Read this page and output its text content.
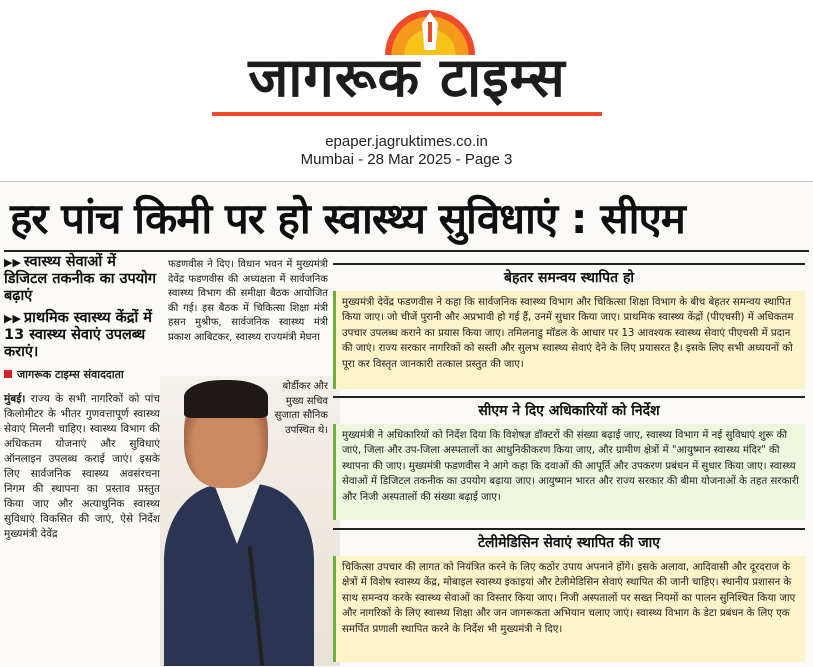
जागरूक टाइम्स
epaper.jagruktimes.co.in
Mumbai - 28 Mar 2025 - Page 3
हर पांच किमी पर हो स्वास्थ्य सुविधाएं : सीएम
▶▶ स्वास्थ्य सेवाओं में डिजिटल तकनीक का उपयोग बढ़ाएं
▶▶ प्राथमिक स्वास्थ्य केंद्रों में 13 स्वास्थ्य सेवाएं उपलब्ध कराएं।
जागरूक टाइम्स संवाददाता
मुंबई। राज्य के सभी नागरिकों को पांच किलोमीटर के भीतर गुणवत्तापूर्ण स्वास्थ्य सेवाएं मिलनी चाहिए। स्वास्थ्य विभाग की अधिकतम योजनाएं और सुविधाएं ऑनलाइन उपलब्ध कराई जाएं। इसके लिए सार्वजनिक स्वास्थ्य अवसंरचना निगम की स्थापना का प्रस्ताव प्रस्तुत किया जाए और अत्याधुनिक स्वास्थ्य सुविधाएं विकसित की जाएं, ऐसे निर्देश मुख्यमंत्री देवेंद्र
फडणवीस ने दिए। विधान भवन में मुख्यमंत्री देवेंद्र फडणवीस की अध्यक्षता में सार्वजनिक स्वास्थ्य विभाग की समीक्षा बैठक आयोजित की गई। इस बैठक में चिकित्सा शिक्षा मंत्री हसन मुश्रीफ, सार्वजनिक स्वास्थ्य मंत्री प्रकाश आबिटकर, स्वास्थ्य राज्यमंत्री मेघना
बोर्डीकर और मुख्य सचिव सुजाता सौनिक उपस्थित थे।
बेहतर समन्वय स्थापित हो
मुख्यमंत्री देवेंद्र फडणवीस ने कहा कि सार्वजनिक स्वास्थ्य विभाग और चिकित्सा शिक्षा विभाग के बीच बेहतर समन्वय स्थापित किया जाए। जो चीजें पुरानी और अप्रभावी हो गई हैं, उनमें सुधार किया जाए। प्राथमिक स्वास्थ्य केंद्रों (पीएचसी) में अधिकतम उपचार उपलब्ध कराने का प्रयास किया जाए। तमिलनाडु मॉडल के आधार पर 13 आवश्यक स्वास्थ्य सेवाएं पीएचसी में प्रदान की जाएं। राज्य सरकार नागरिकों को सस्ती और सुलभ स्वास्थ्य सेवाएं देने के लिए प्रयासरत है। इसके लिए सभी अध्ययनों को पूरा कर विस्तृत जानकारी तत्काल प्रस्तुत की जाए।
सीएम ने दिए अधिकारियों को निर्देश
मुख्यमंत्री ने अधिकारियों को निर्देश दिया कि विशेषज्ञ डॉक्टरों की संख्या बढ़ाई जाए, स्वास्थ्य विभाग में नई सुविधाएं शुरू की जाएं, जिला और उप-जिला अस्पतालों का आधुनिकीकरण किया जाए, और ग्रामीण क्षेत्रों में "आयुष्मान स्वास्थ्य मंदिर" की स्थापना की जाए। मुख्यमंत्री फडणवीस ने आगे कहा कि दवाओं की आपूर्ति और उपकरण प्रबंधन में सुधार किया जाए। स्वास्थ्य सेवाओं में डिजिटल तकनीक का उपयोग बढ़ाया जाए। आयुष्मान भारत और राज्य सरकार की बीमा योजनाओं के तहत सरकारी और निजी अस्पतालों की संख्या बढ़ाई जाए।
टेलीमेडिसिन सेवाएं स्थापित की जाए
चिकित्सा उपचार की लागत को नियंत्रित करने के लिए कठोर उपाय अपनाने होंगे। इसके अलावा, आदिवासी और दूरदराज के क्षेत्रों में विशेष स्वास्थ्य केंद्र, मोबाइल स्वास्थ्य इकाइयां और टेलीमेडिसिन सेवाएं स्थापित की जानी चाहिए। स्थानीय प्रशासन के साथ समन्वय करके स्वास्थ्य सेवाओं का विस्तार किया जाए। निजी अस्पतालों पर सख्त नियमों का पालन सुनिश्चित किया जाए और नागरिकों के लिए स्वास्थ्य शिक्षा और जन जागरूकता अभियान चलाए जाएं। स्वास्थ्य विभाग के डेटा प्रबंधन के लिए एक समर्पित प्रणाली स्थापित करने के निर्देश भी मुख्यमंत्री ने दिए।
